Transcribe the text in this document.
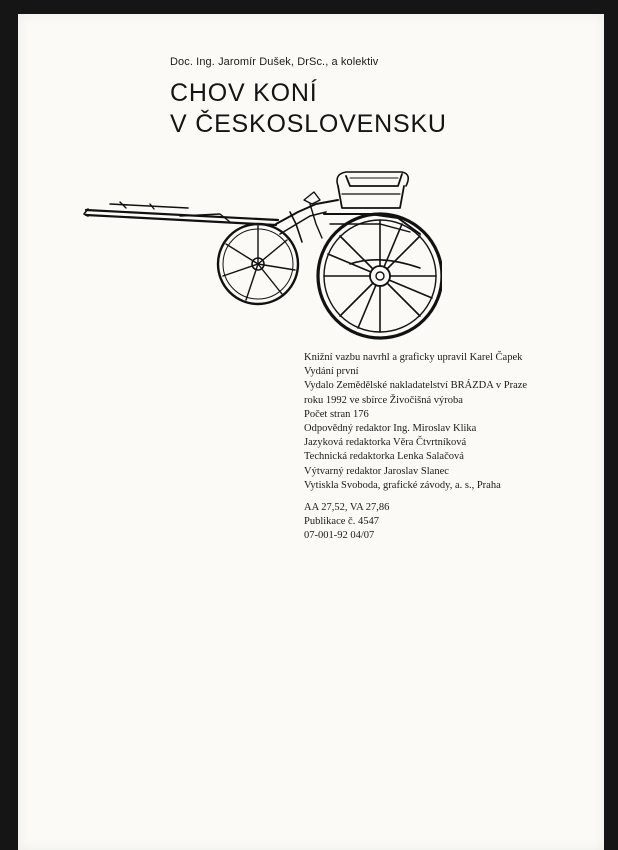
Doc. Ing. Jaromír Dušek, DrSc., a kolektiv
CHOV KONÍ
V ČESKOSLOVENSKU
Knižní vazbu navrhl a graficky upravil Karel Čapek
Vydání první
Vydalo Zemědělské nakladatelství BRÁZDA v Praze
roku 1992 ve sbírce Živočišná výroba
Počet stran 176
Odpovědný redaktor Ing. Miroslav Klika
Jazyková redaktorka Věra Čtvrtníková
Technická redaktorka Lenka Salačová
Výtvarný redaktor Jaroslav Slanec
Vytiskla Svoboda, grafické závody, a. s., Praha
AA 27,52, VA 27,86
Publikace č. 4547
07-001-92 04/07
